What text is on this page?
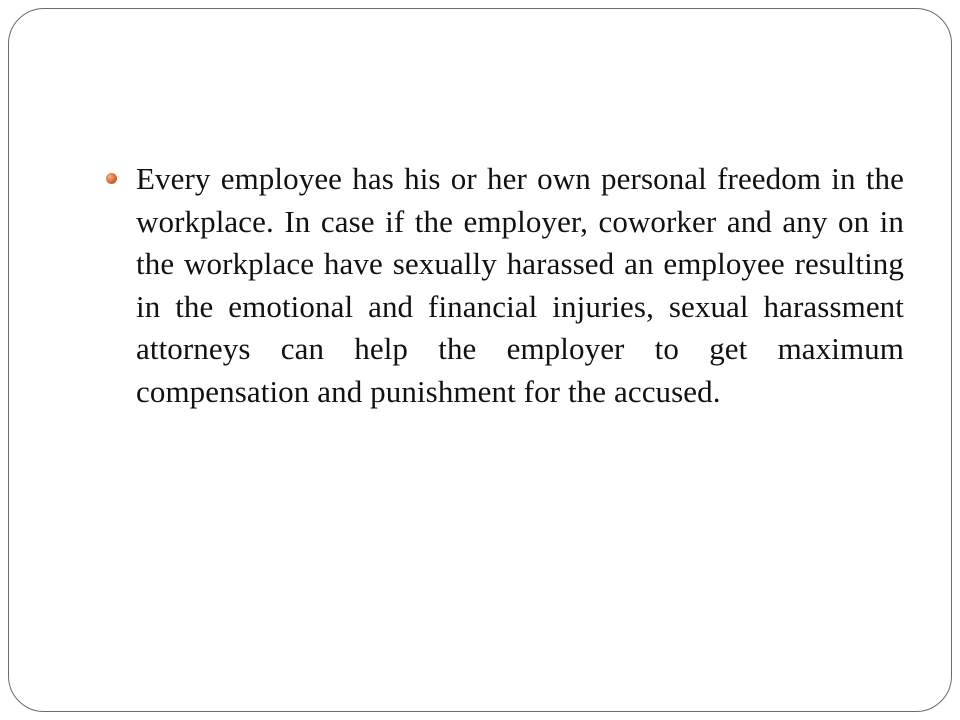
Every employee has his or her own personal freedom in the workplace. In case if the employer, coworker and any on in the workplace have sexually harassed an employee resulting in the emotional and financial injuries, sexual harassment attorneys can help the employer to get maximum compensation and punishment for the accused.
